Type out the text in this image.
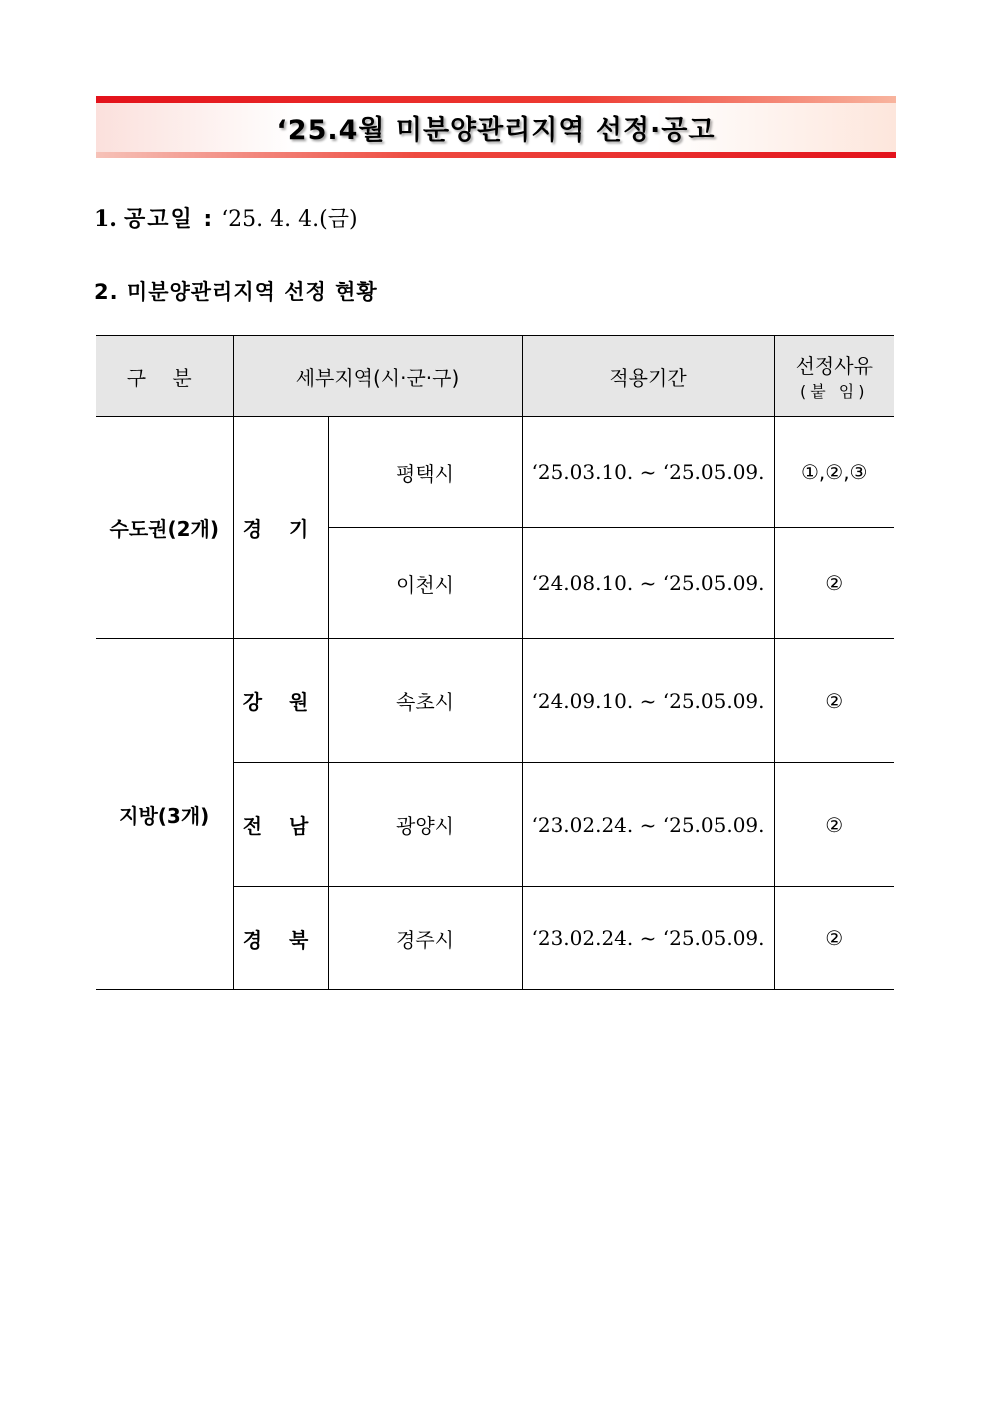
‘25.4월 미분양관리지역 선정·공고
1. 공고일 : ‘25. 4. 4.(금)
2. 미분양관리지역 선정 현황
구 분	세부지역(시·군·구)		적용기간	선정사유
(붙 임)

수도권(2개)	경 기	평택시	‘25.03.10. ~ ‘25.05.09.	①,②,③
		이천시	‘24.08.10. ~ ‘25.05.09.	②
지방(3개)	강 원	속초시	‘24.09.10. ~ ‘25.05.09.	②
	전 남	광양시	‘23.02.24. ~ ‘25.05.09.	②
	경 북	경주시	‘23.02.24. ~ ‘25.05.09.	②
